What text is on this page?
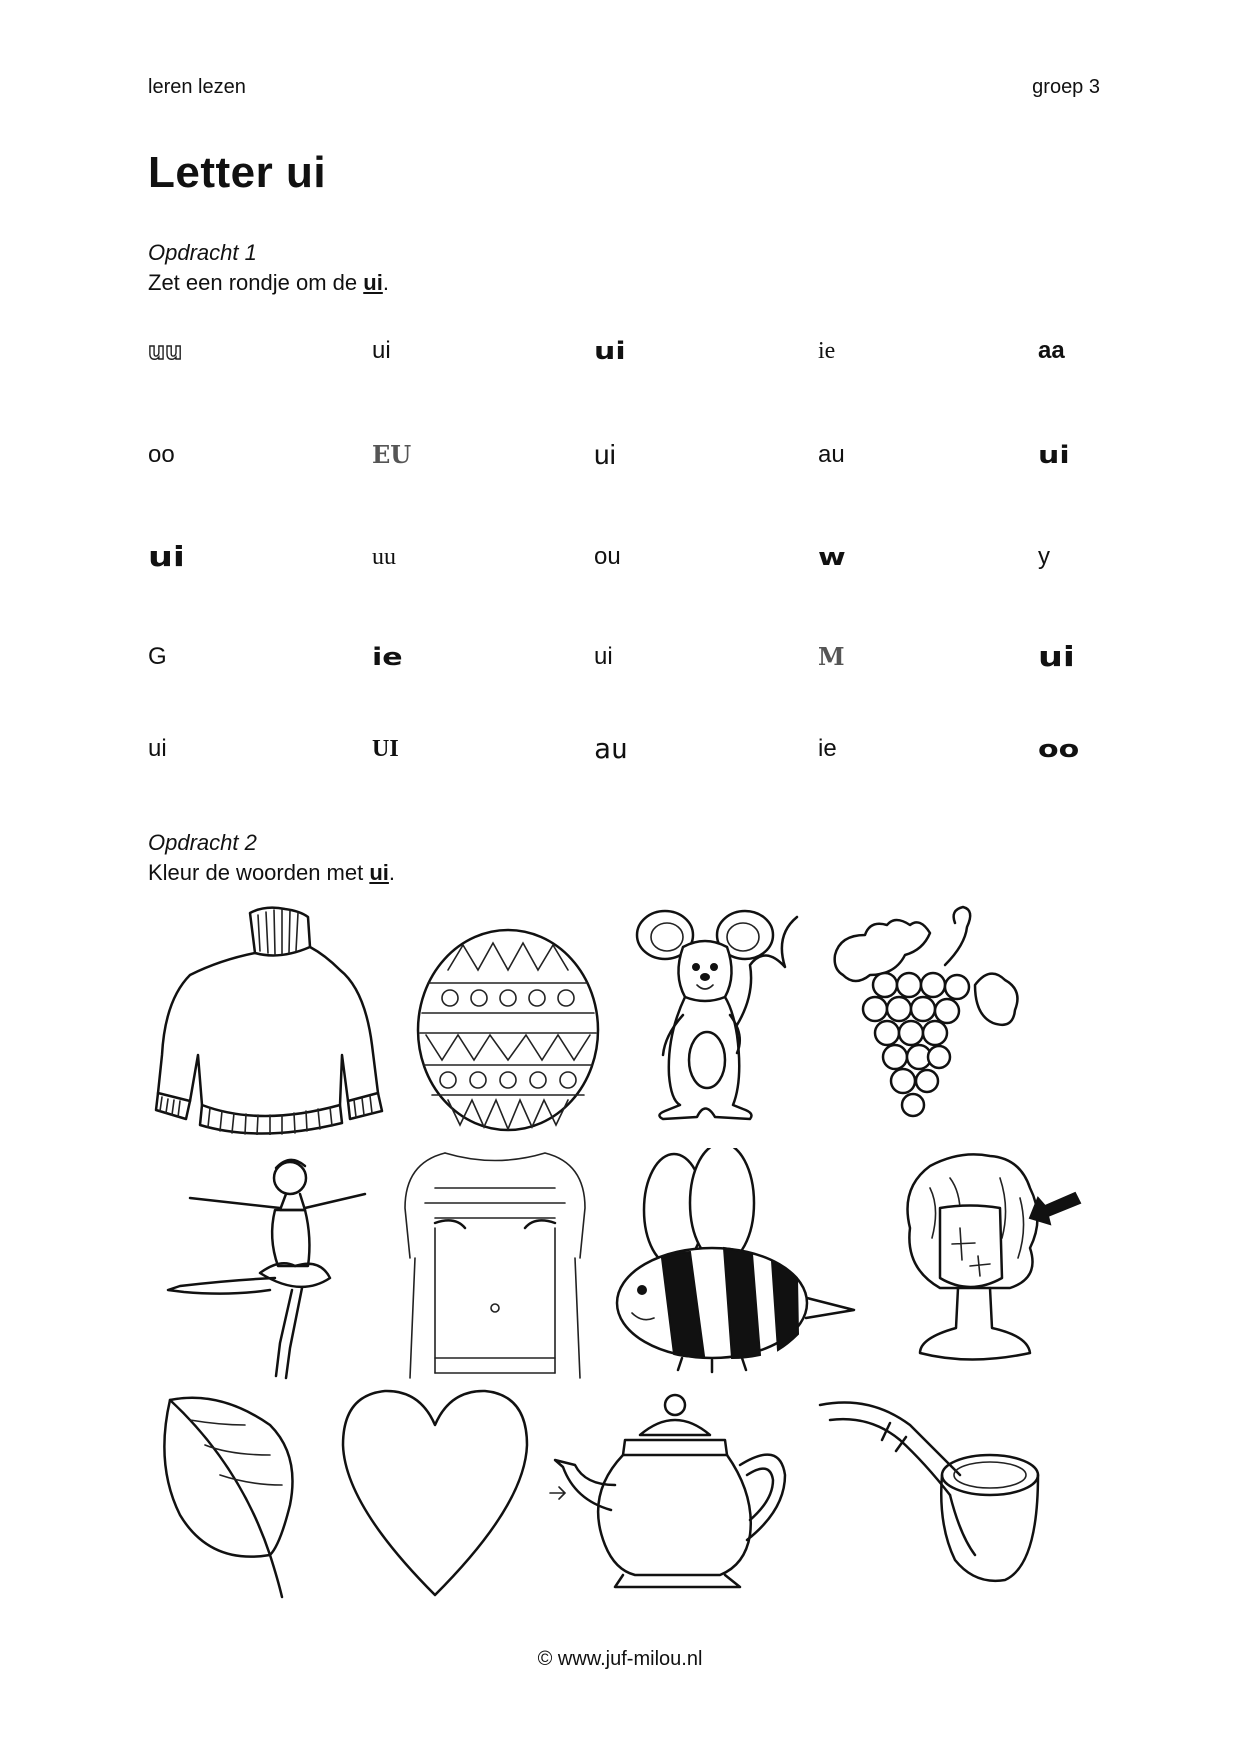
leren lezen	groep 3
Letter ui
Opdracht 1
Zet een rondje om de ui.
uu	ui	ui	ie	aa
oo	EU	ui	au	ui
ui	uu	ou	w	y
G	ie	ui	M	ui
ui	UI	au	ie	oo
Opdracht 2
Kleur de woorden met ui.
© www.juf-milou.nl
